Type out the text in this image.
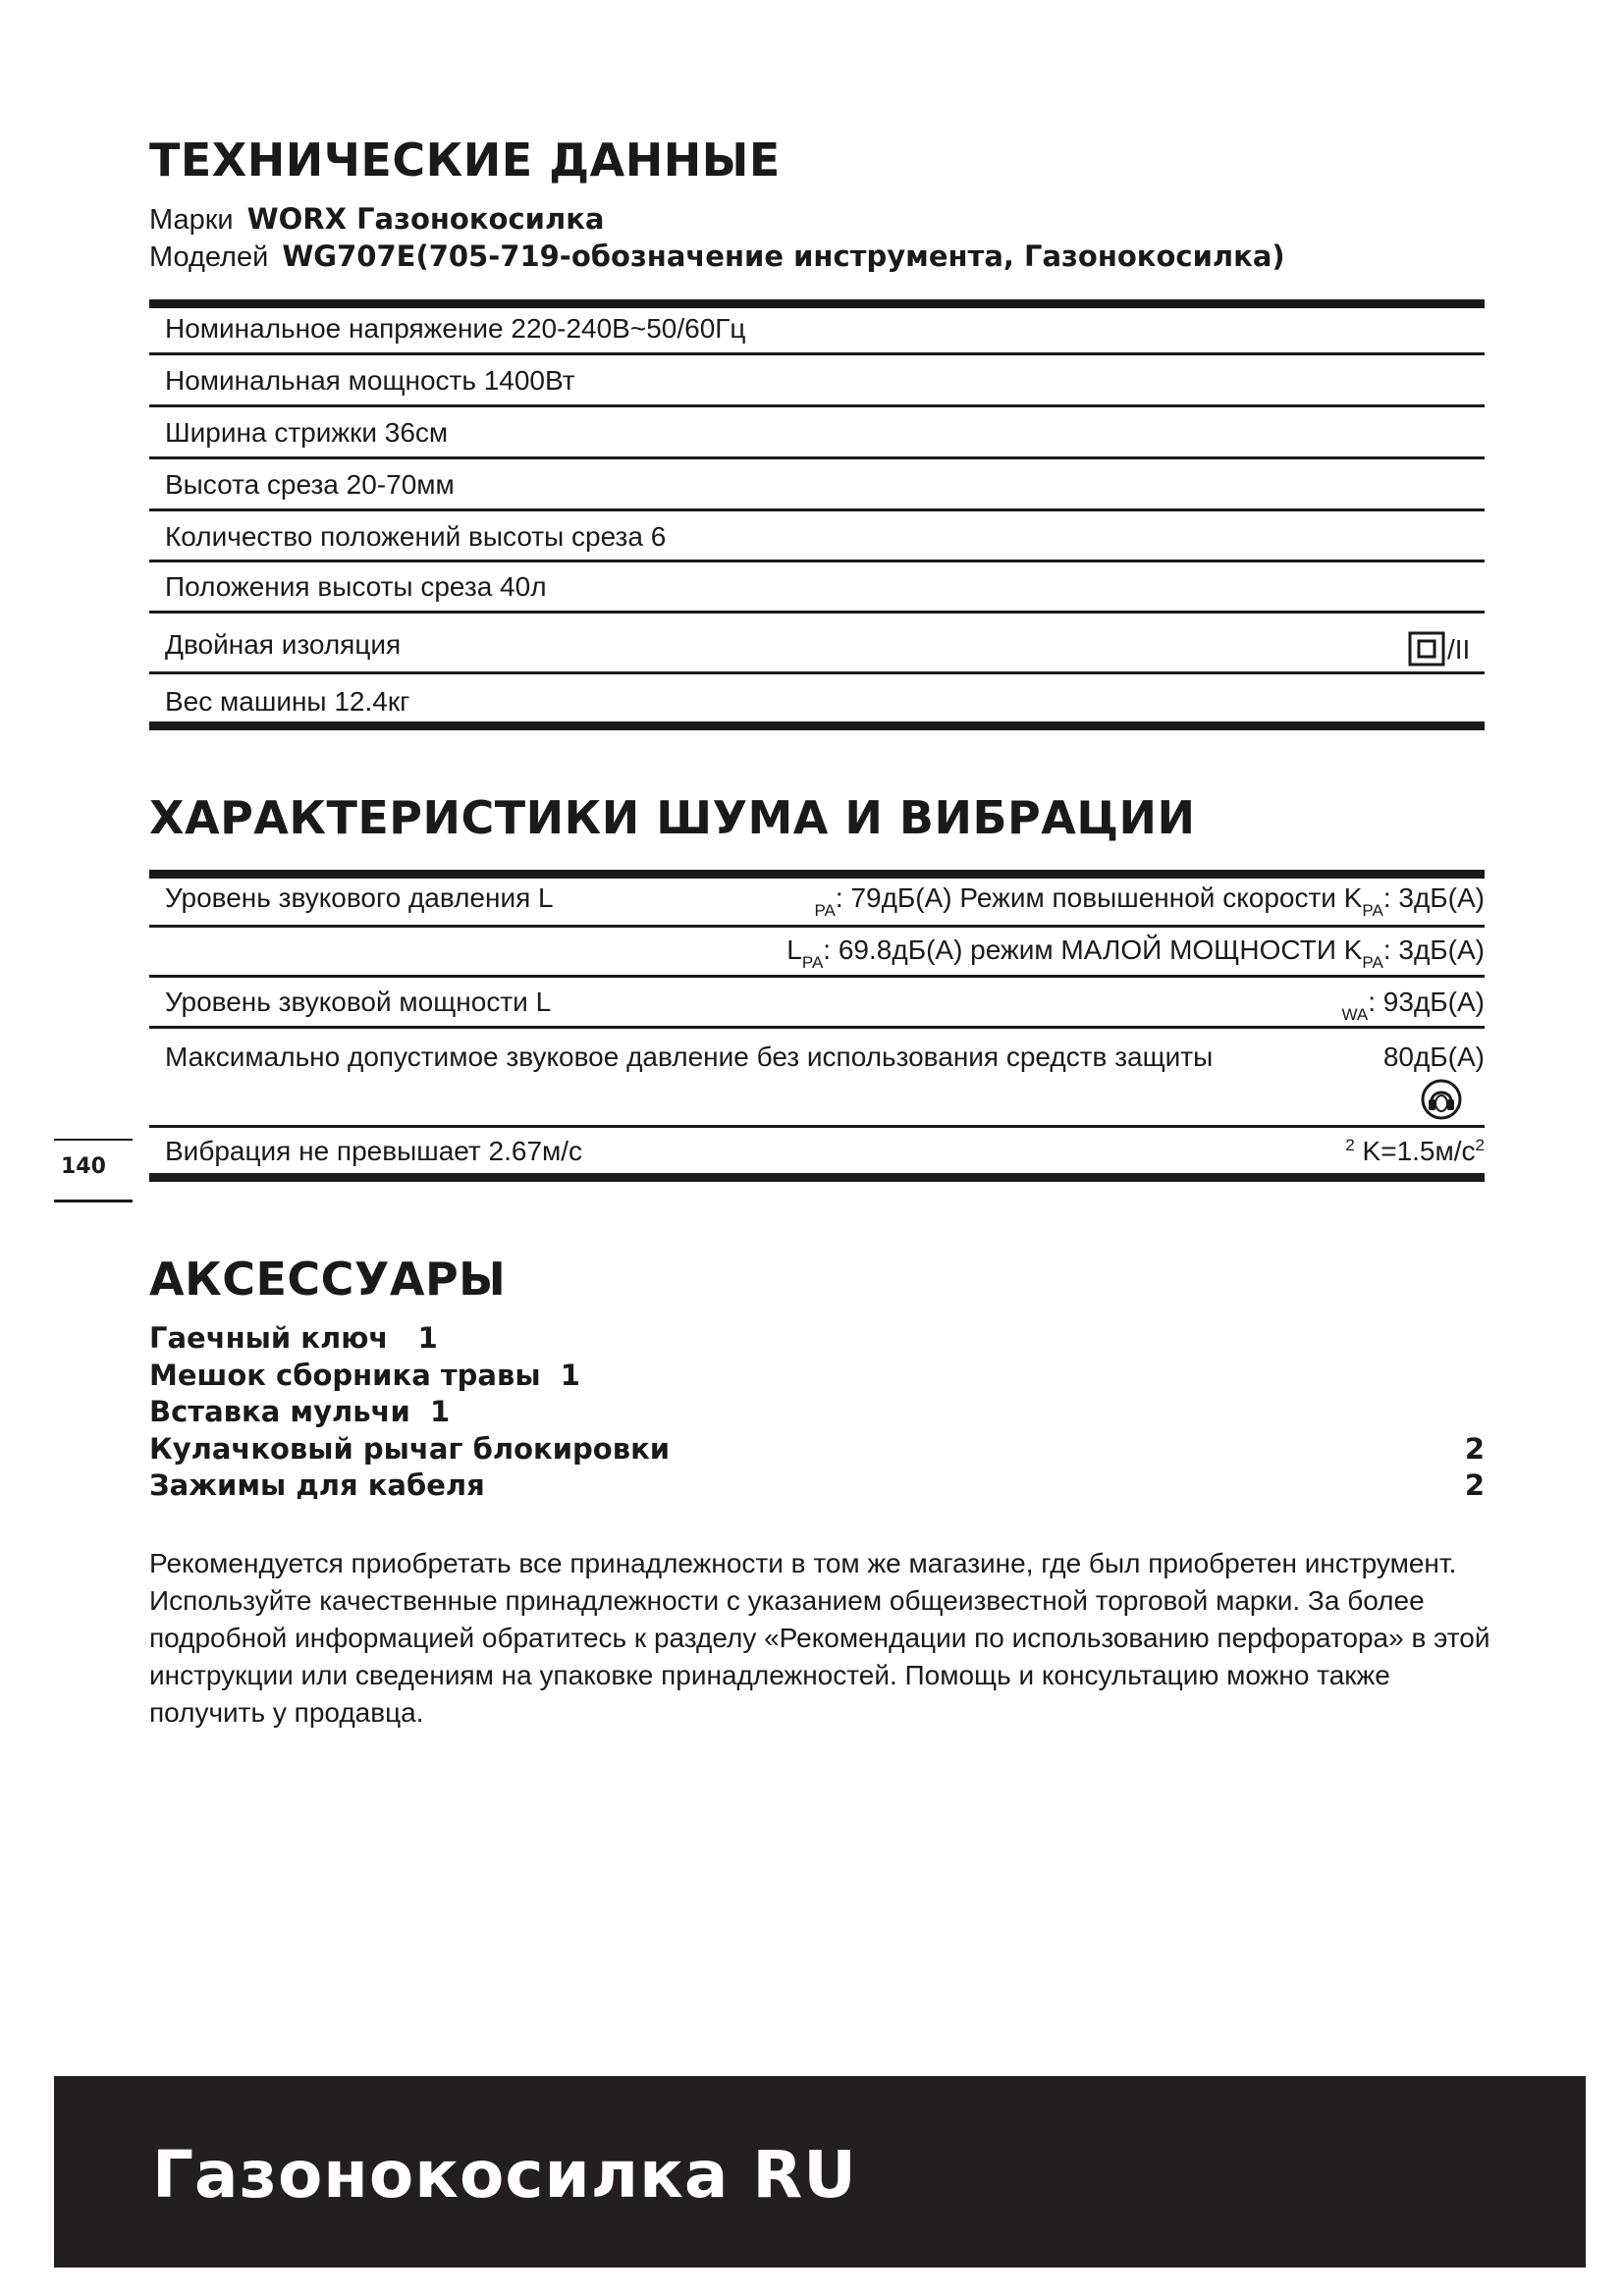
ТЕХНИЧЕСКИЕ ДАННЫЕ
Марки WORX Газонокосилка
Моделей WG707E(705-719-обозначение инструмента, Газонокосилка)
Номинальное напряжение 220-240В~50/60Гц
Номинальная мощность 1400Вт
Ширина стрижки 36см
Высота среза 20-70мм
Количество положений высоты среза 6
Положения высоты среза 40л
Двойная изоляция	/II
Вес машины 12.4кг
ХАРАКТЕРИСТИКИ ШУМА И ВИБРАЦИИ
Уровень звукового давления L	$_{PA}$: 79дБ(А) Режим повышенной скорости $K_{PA}$: 3дБ(А)
$L_{PA}$: 69.8дБ(А) режим МАЛОЙ МОЩНОСТИ $K_{PA}$: 3дБ(А)
Уровень звуковой мощности L	$_{WA}$: 93дБ(А)
Максимально допустимое звуковое давление без использования средств защиты	80дБ(А)
Вибрация не превышает 2.67м/с	$^2$ $K=1.5м/с^2$
140
АКСЕССУАРЫ
Гаечный ключ 1
Мешок сборника травы 1
Вставка мульчи 1
Кулачковый рычаг блокировки	2
Зажимы для кабеля	2
Рекомендуется приобретать все принадлежности в том же магазине, где был приобретен инструмент. Используйте качественные принадлежности с указанием общеизвестной торговой марки. За более подробной информацией обратитесь к разделу «Рекомендации по использованию перфоратора» в этой инструкции или сведениям на упаковке принадлежностей. Помощь и консультацию можно также получить у продавца.
Газонокосилка RU
